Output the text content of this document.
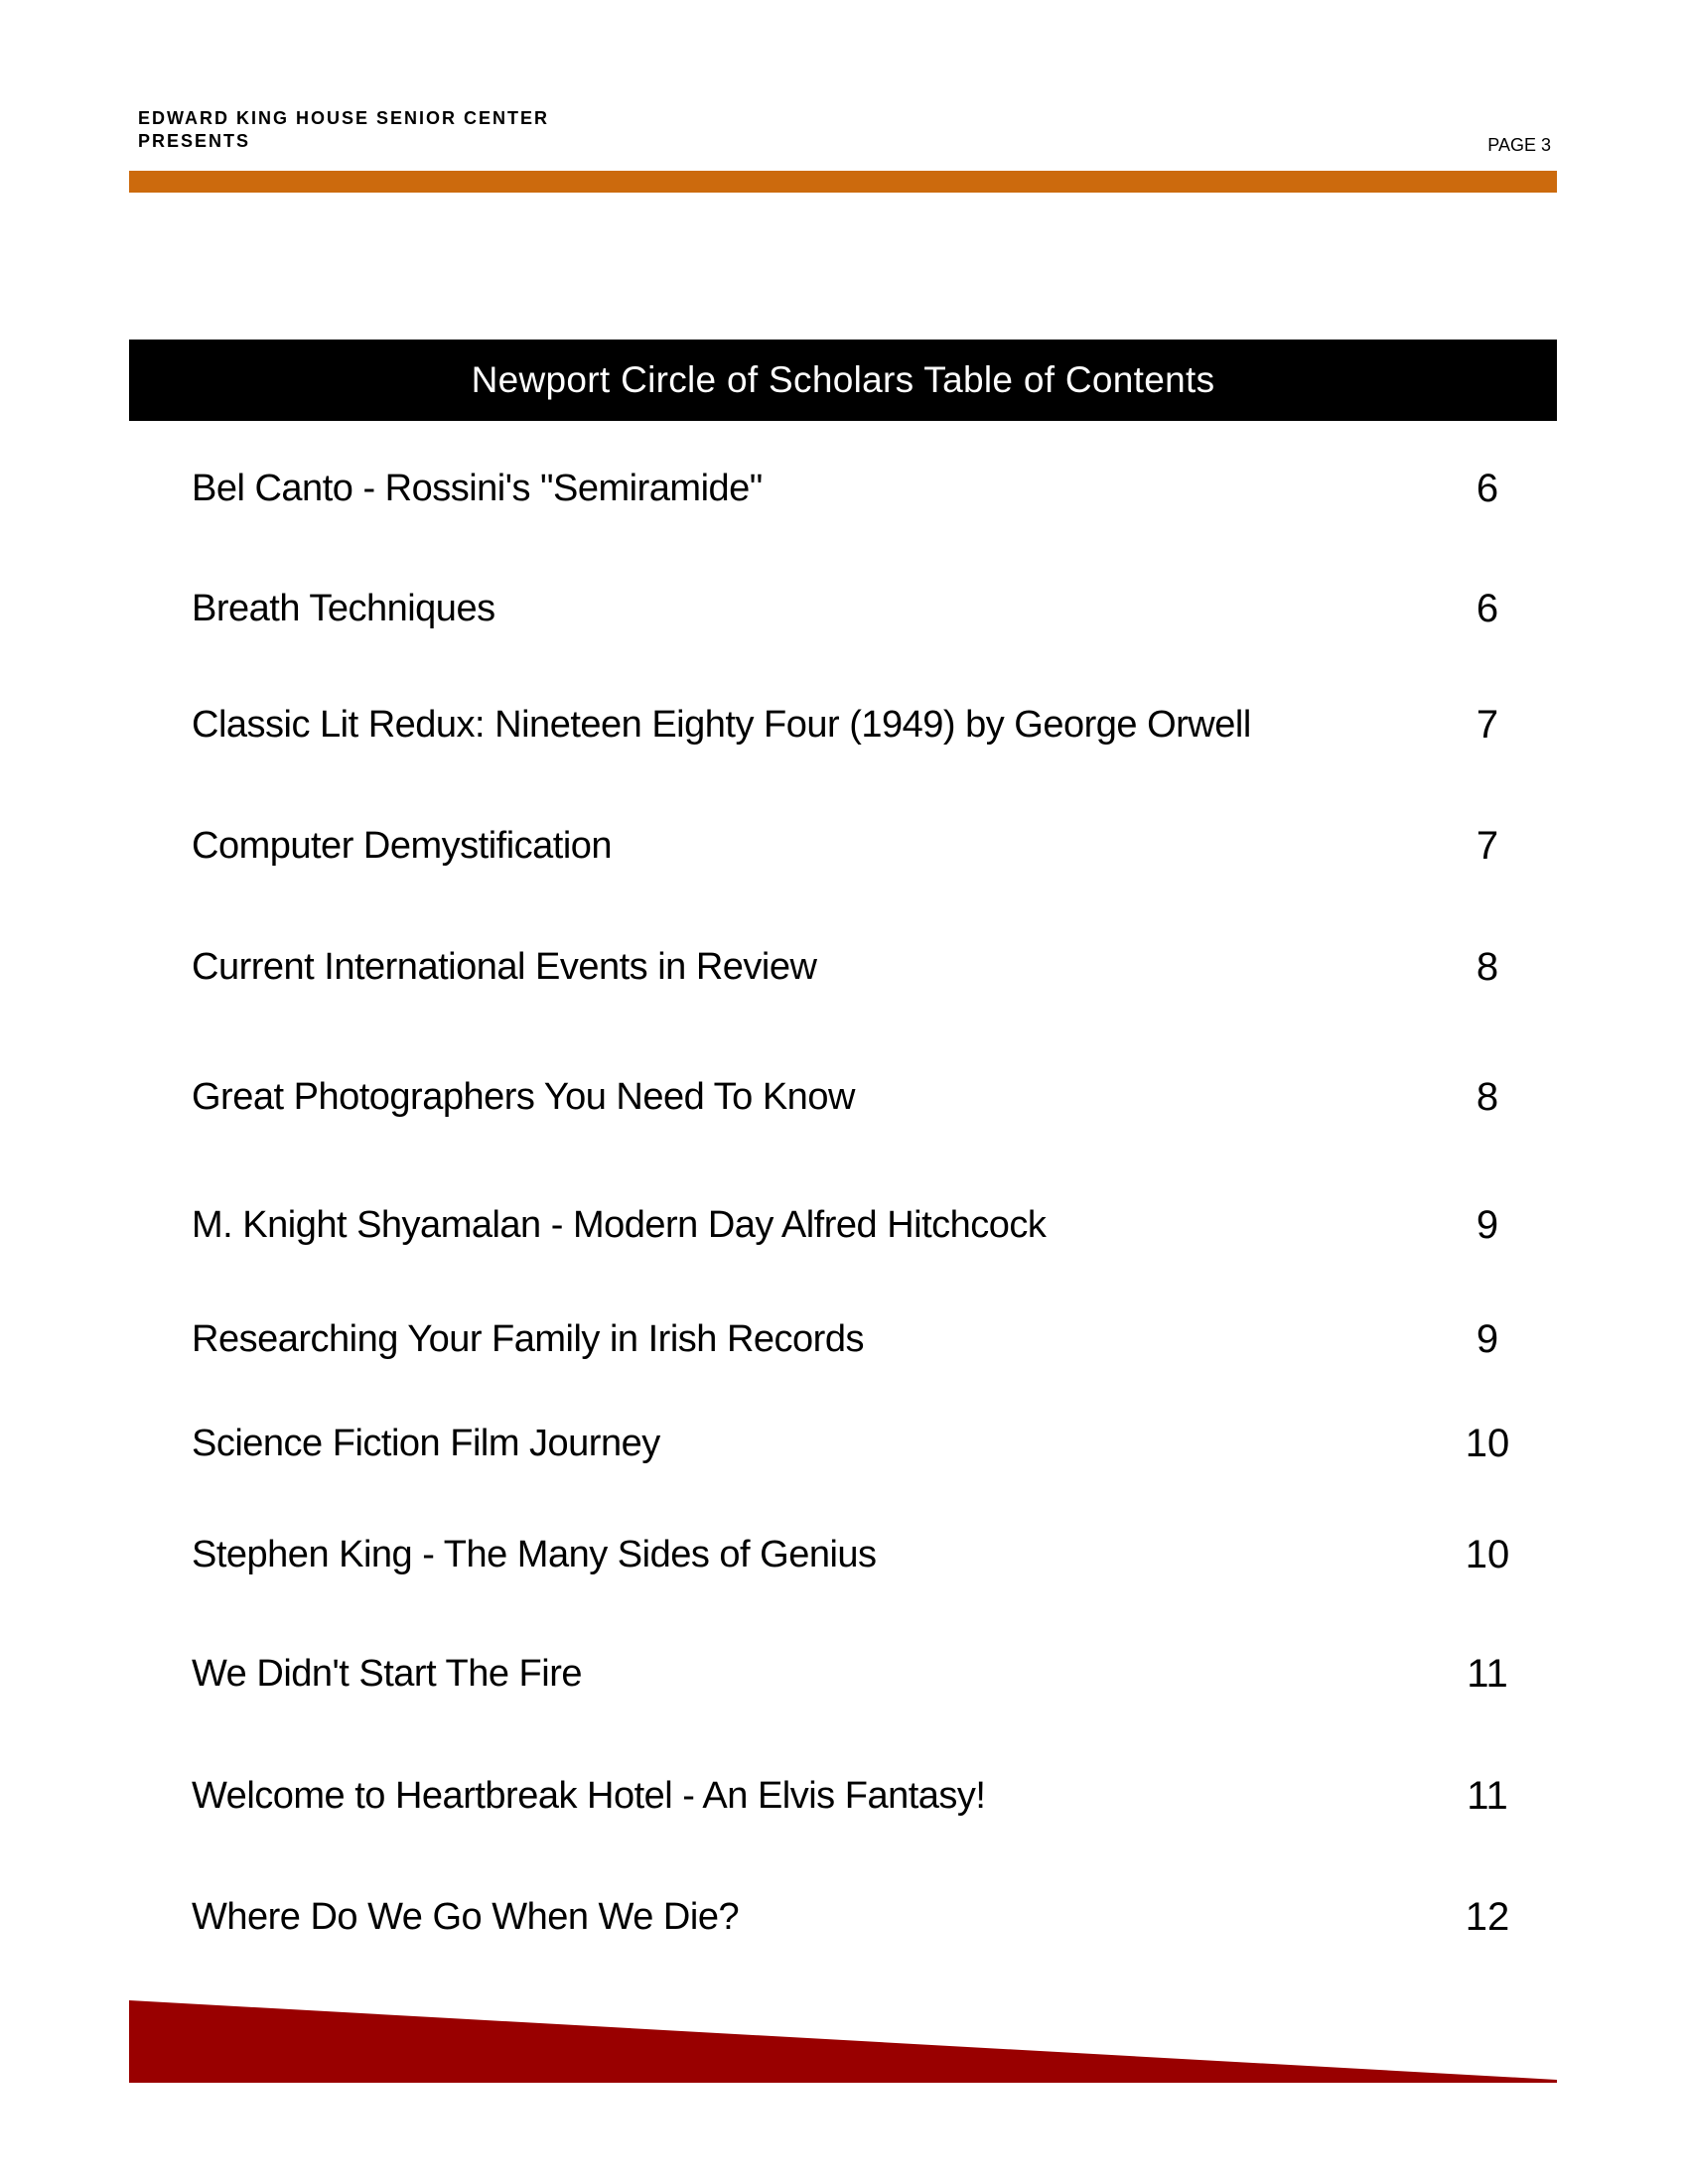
EDWARD KING HOUSE SENIOR CENTER
PRESENTS	PAGE 3
Newport Circle of Scholars Table of Contents
Bel Canto - Rossini's "Semiramide"	6
Breath Techniques	6
Classic Lit Redux: Nineteen Eighty Four (1949) by George Orwell	7
Computer Demystification	7
Current International Events in Review	8
Great Photographers You Need To Know	8
M. Knight Shyamalan - Modern Day Alfred Hitchcock	9
Researching Your Family in Irish Records	9
Science Fiction Film Journey	10
Stephen King - The Many Sides of Genius	10
We Didn't Start The Fire	11
Welcome to Heartbreak Hotel - An Elvis Fantasy!	11
Where Do We Go When We Die?	12
